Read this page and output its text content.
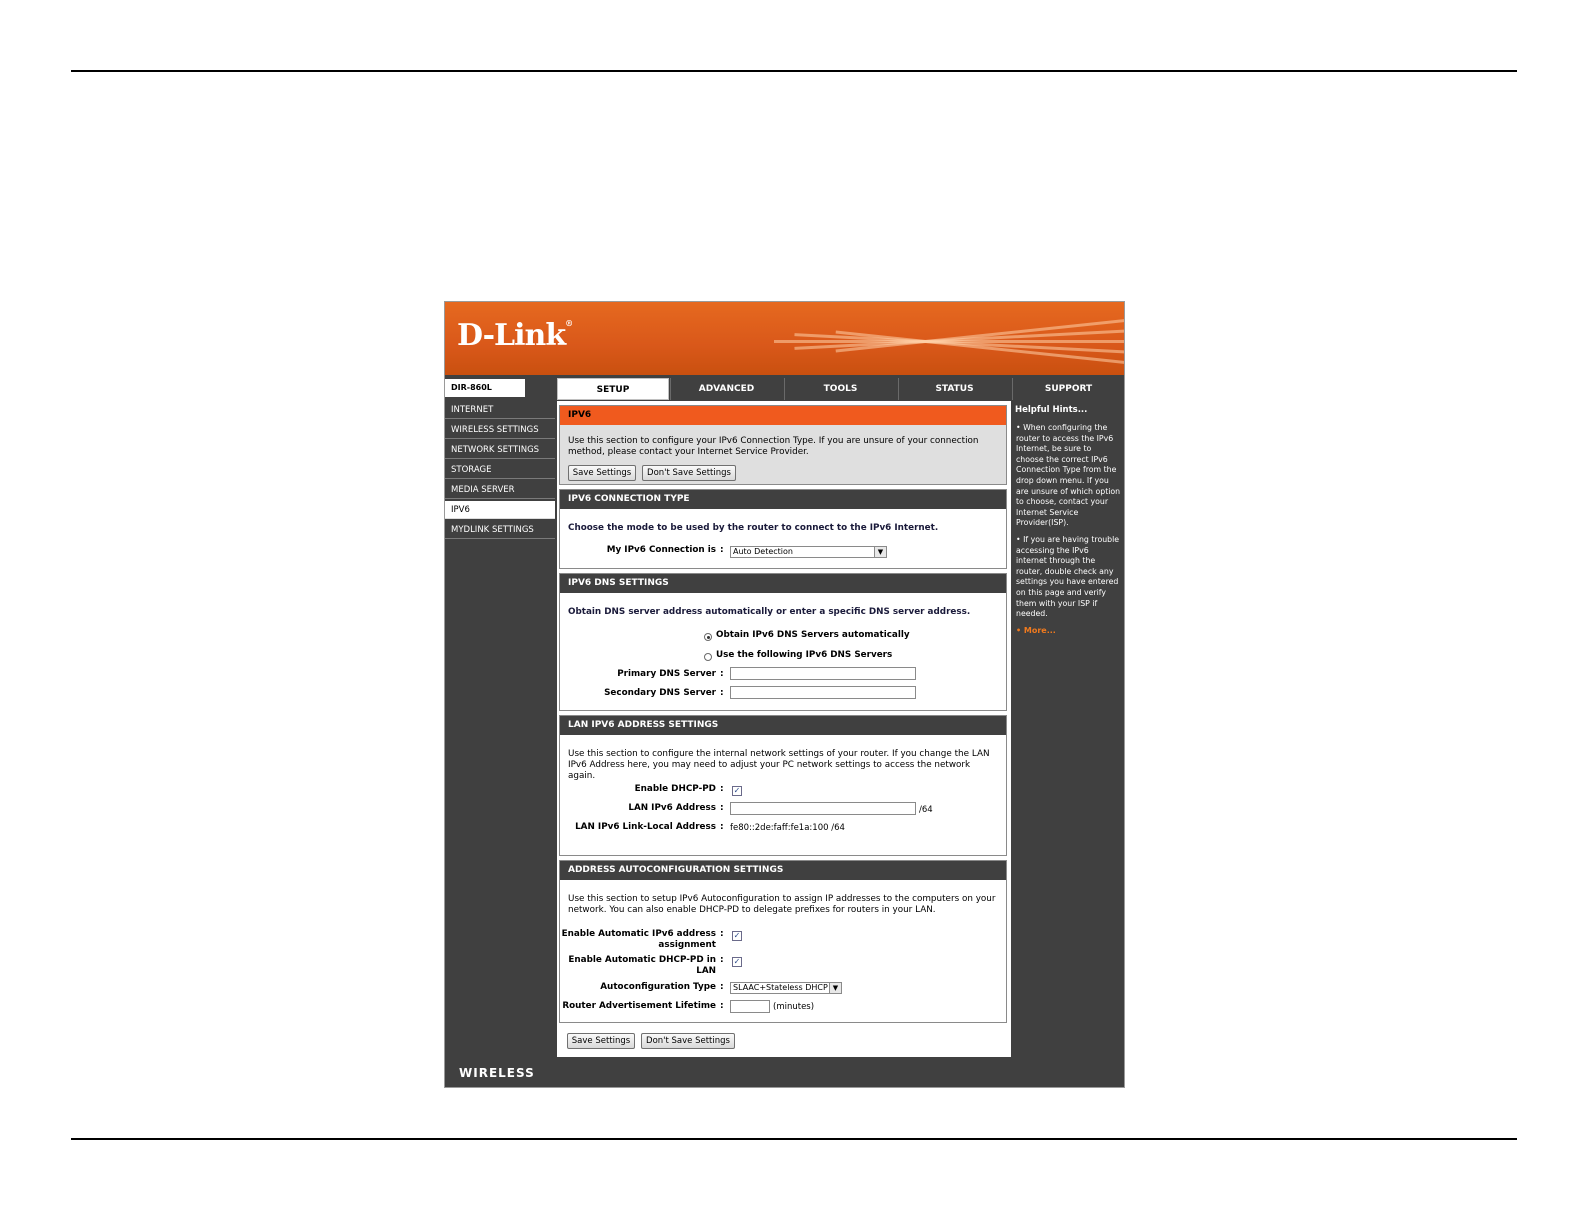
D-Link®
DIR-860L //	SETUP	ADVANCED	TOOLS	STATUS	SUPPORT
INTERNET
WIRELESS SETTINGS
NETWORK SETTINGS
STORAGE
MEDIA SERVER
IPV6
MYDLINK SETTINGS
IPV6
Use this section to configure your IPv6 Connection Type. If you are unsure of your connection method, please contact your Internet Service Provider.
Save Settings	Don't Save Settings
IPV6 CONNECTION TYPE
Choose the mode to be used by the router to connect to the IPv6 Internet.
My IPv6 Connection is :	Auto Detection	▼
IPV6 DNS SETTINGS
Obtain DNS server address automatically or enter a specific DNS server address.
Obtain IPv6 DNS Servers automatically
Use the following IPv6 DNS Servers
Primary DNS Server :
Secondary DNS Server :
LAN IPV6 ADDRESS SETTINGS
Use this section to configure the internal network settings of your router. If you change the LAN IPv6 Address here, you may need to adjust your PC network settings to access the network again.
Enable DHCP-PD : ✓
LAN IPv6 Address :	/64
LAN IPv6 Link-Local Address : fe80::2de:faff:fe1a:100 /64
ADDRESS AUTOCONFIGURATION SETTINGS
Use this section to setup IPv6 Autoconfiguration to assign IP addresses to the computers on your network. You can also enable DHCP-PD to delegate prefixes for routers in your LAN.
Enable Automatic IPv6 address
assignment
: ✓
Enable Automatic DHCP-PD in
LAN
: ✓
Autoconfiguration Type :	SLAAC+Stateless DHCP ▼
Router Advertisement Lifetime :	(minutes)
Save Settings	Don't Save Settings
Helpful Hints...
• When configuring the router to access the IPv6 Internet, be sure to choose the correct IPv6 Connection Type from the drop down menu. If you are unsure of which option to choose, contact your Internet Service Provider(ISP).
• If you are having trouble accessing the IPv6 internet through the router, double check any settings you have entered on this page and verify them with your ISP if needed.
• More...
WIRELESS
